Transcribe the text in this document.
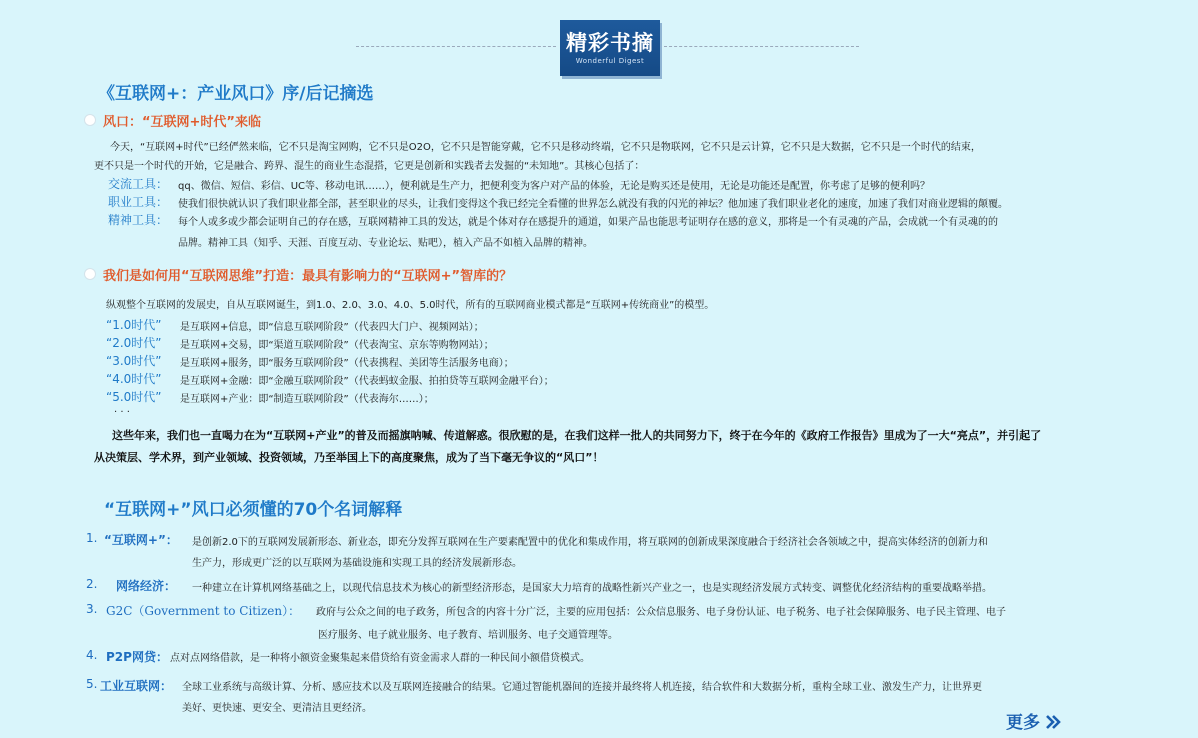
精彩书摘
Wonderful Digest
《互联网+：产业风口》序/后记摘选
风口：“互联网+时代”来临
今天，“互联网+时代”已经俨然来临，它不只是淘宝网购，它不只是O2O，它不只是智能穿戴，它不只是移动终端，它不只是物联网，它不只是云计算，它不只是大数据，它不只是一个时代的结束，
更不只是一个时代的开始，它是融合、跨界、混生的商业生态混搭，它更是创新和实践者去发掘的“未知地”。其核心包括了：
交流工具： qq、微信、短信、彩信、UC等、移动电讯……），便利就是生产力，把便利变为客户对产品的体验，无论是购买还是使用，无论是功能还是配置，你考虑了足够的便利吗？
职业工具： 使我们很快就认识了我们职业都全部，甚至职业的尽头，让我们变得这个我已经完全看懂的世界怎么就没有我的闪光的神坛？他加速了我们职业老化的速度，加速了我们对商业逻辑的颠覆。
精神工具： 每个人或多或少都会证明自己的存在感，互联网精神工具的发达，就是个体对存在感提升的通道，如果产品也能思考证明存在感的意义，那将是一个有灵魂的产品，会成就一个有灵魂的的
品牌。精神工具（知乎、天涯、百度互动、专业论坛、贴吧），植入产品不如植入品牌的精神。
我们是如何用“互联网思维”打造：最具有影响力的“互联网+”智库的？
纵观整个互联网的发展史，自从互联网诞生，到1.0、2.0、3.0、4.0、5.0时代，所有的互联网商业模式都是“互联网+传统商业”的模型。
“1.0时代” 是互联网+信息，即“信息互联网阶段”（代表四大门户、视频网站）；
“2.0时代” 是互联网+交易，即“渠道互联网阶段”（代表淘宝、京东等购物网站）；
“3.0时代” 是互联网+服务，即“服务互联网阶段”（代表携程、美团等生活服务电商）；
“4.0时代” 是互联网+金融：即“金融互联网阶段”（代表蚂蚁金服、拍拍贷等互联网金融平台）；
“5.0时代” 是互联网+产业：即“制造互联网阶段”（代表海尔……）；
· · ·
这些年来，我们也一直喝力在为“互联网+产业”的普及而摇旗呐喊、传道解惑。很欣慰的是，在我们这样一批人的共同努力下，终于在今年的《政府工作报告》里成为了一大“亮点”，并引起了
从决策层、学术界，到产业领域、投资领域，乃至举国上下的高度聚焦，成为了当下毫无争议的“风口”！
“互联网+”风口必须懂的70个名词解释
1. “互联网+”： 是创新2.0下的互联网发展新形态、新业态，即充分发挥互联网在生产要素配置中的优化和集成作用，将互联网的创新成果深度融合于经济社会各领域之中，提高实体经济的创新力和
生产力，形成更广泛的以互联网为基础设施和实现工具的经济发展新形态。
2. 网络经济： 一种建立在计算机网络基础之上，以现代信息技术为核心的新型经济形态，是国家大力培育的战略性新兴产业之一，也是实现经济发展方式转变、调整优化经济结构的重要战略举措。
3. G2C（Government to Citizen）： 政府与公众之间的电子政务，所包含的内容十分广泛，主要的应用包括：公众信息服务、电子身份认证、电子税务、电子社会保障服务、电子民主管理、电子
医疗服务、电子就业服务、电子教育、培训服务、电子交通管理等。
4. P2P网贷： 点对点网络借款，是一种将小额资金聚集起来借贷给有资金需求人群的一种民间小额借贷模式。
5. 工业互联网： 全球工业系统与高级计算、分析、感应技术以及互联网连接融合的结果。它通过智能机器间的连接并最终将人机连接，结合软件和大数据分析，重构全球工业、激发生产力，让世界更
美好、更快速、更安全、更清洁且更经济。
更多
